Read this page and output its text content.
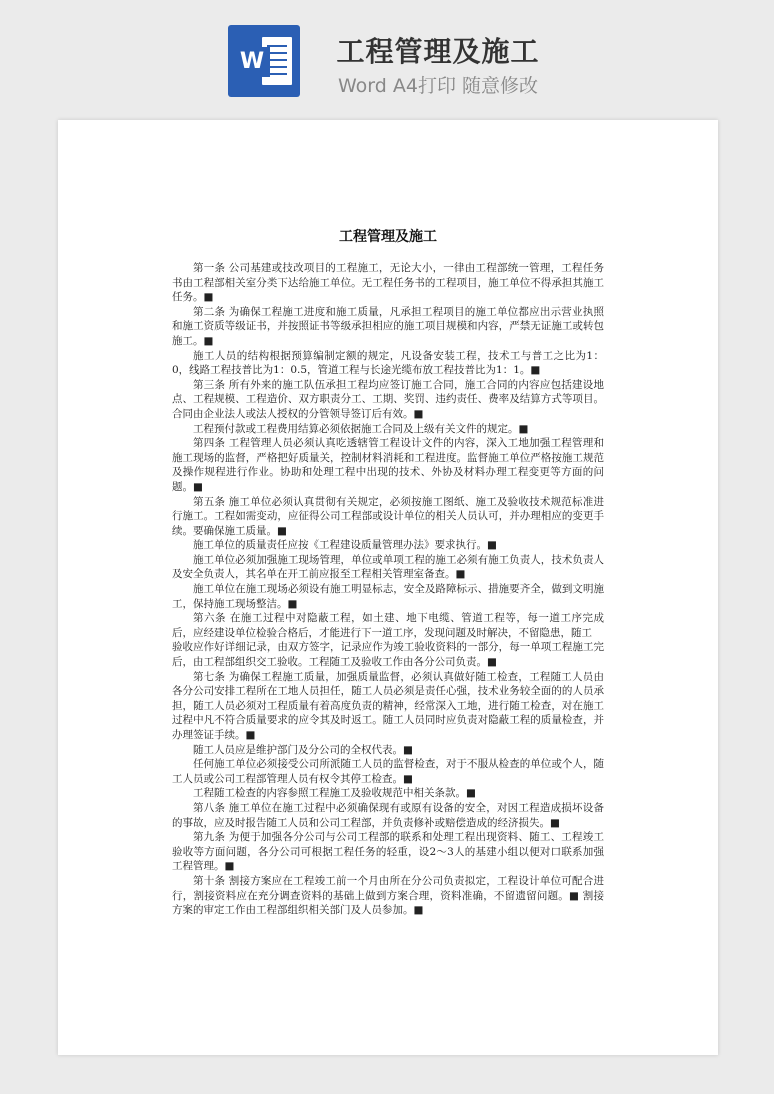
W	工程管理及施工
Word A4打印 随意修改
工程管理及施工

第一条 公司基建或技改项目的工程施工，无论大小，一律由工程部统一管理，工程任务书由工程部相关室分类下达给施工单位。无工程任务书的工程项目，施工单位不得承担其施工任务。■

第二条 为确保工程施工进度和施工质量，凡承担工程项目的施工单位都应出示营业执照和施工资质等级证书，并按照证书等级承担相应的施工项目规模和内容，严禁无证施工或转包施工。■

施工人员的结构根据预算编制定额的规定，凡设备安装工程，技术工与普工之比为1：0，线路工程技普比为1：0.5，管道工程与长途光缆布放工程技普比为1：1。■

第三条 所有外来的施工队伍承担工程均应签订施工合同，施工合同的内容应包括建设地点、工程规模、工程造价、双方职责分工、工期、奖罚、违约责任、费率及结算方式等项目。合同由企业法人或法人授权的分管领导签订后有效。■

工程预付款或工程费用结算必须依据施工合同及上级有关文件的规定。■

第四条 工程管理人员必须认真吃透辖管工程设计文件的内容，深入工地加强工程管理和施工现场的监督，严格把好质量关，控制材料消耗和工程进度。监督施工单位严格按施工规范及操作规程进行作业。协助和处理工程中出现的技术、外协及材料办理工程变更等方面的问题。■

第五条 施工单位必须认真贯彻有关规定，必须按施工图纸、施工及验收技术规范标准进行施工。工程如需变动，应征得公司工程部或设计单位的相关人员认可，并办理相应的变更手续。要确保施工质量。■

施工单位的质量责任应按《工程建设质量管理办法》要求执行。■

施工单位必须加强施工现场管理，单位或单项工程的施工必须有施工负责人，技术负责人及安全负责人，其名单在开工前应报至工程相关管理室备查。■

施工单位在施工现场必须设有施工明显标志，安全及路障标示、措施要齐全，做到文明施工，保持施工现场整洁。■

第六条 在施工过程中对隐蔽工程，如土建、地下电缆、管道工程等，每一道工序完成后，应经建设单位检验合格后，才能进行下一道工序，发现问题及时解决，不留隐患，随工

验收应作好详细记录，由双方签字，记录应作为竣工验收资料的一部分，每一单项工程施工完后，由工程部组织交工验收。工程随工及验收工作由各分公司负责。■

第七条 为确保工程施工质量，加强质量监督，必须认真做好随工检查，工程随工人员由各分公司安排工程所在工地人员担任，随工人员必须是责任心强，技术业务较全面的的人员承担，随工人员必须对工程质量有着高度负责的精神，经常深入工地，进行随工检查，对在施工过程中凡不符合质量要求的应令其及时返工。随工人员同时应负责对隐蔽工程的质量检查，并办理签证手续。■

随工人员应是维护部门及分公司的全权代表。■

任何施工单位必须接受公司所派随工人员的监督检查，对于不服从检查的单位或个人，随工人员或公司工程部管理人员有权令其停工检查。■

工程随工检查的内容参照工程施工及验收规范中相关条款。■

第八条 施工单位在施工过程中必须确保现有或原有设备的安全，对因工程造成损坏设备的事故，应及时报告随工人员和公司工程部，并负责修补或赔偿造成的经济损失。■

第九条 为便于加强各分公司与公司工程部的联系和处理工程出现资料、随工、工程竣工验收等方面问题，各分公司可根据工程任务的轻重，设2～3人的基建小组以便对口联系加强工程管理。■

第十条 割接方案应在工程竣工前一个月由所在分公司负责拟定，工程设计单位可配合进行，割接资料应在充分调查资料的基础上做到方案合理，资料准确，不留遗留问题。■ 割接方案的审定工作由工程部组织相关部门及人员参加。■
